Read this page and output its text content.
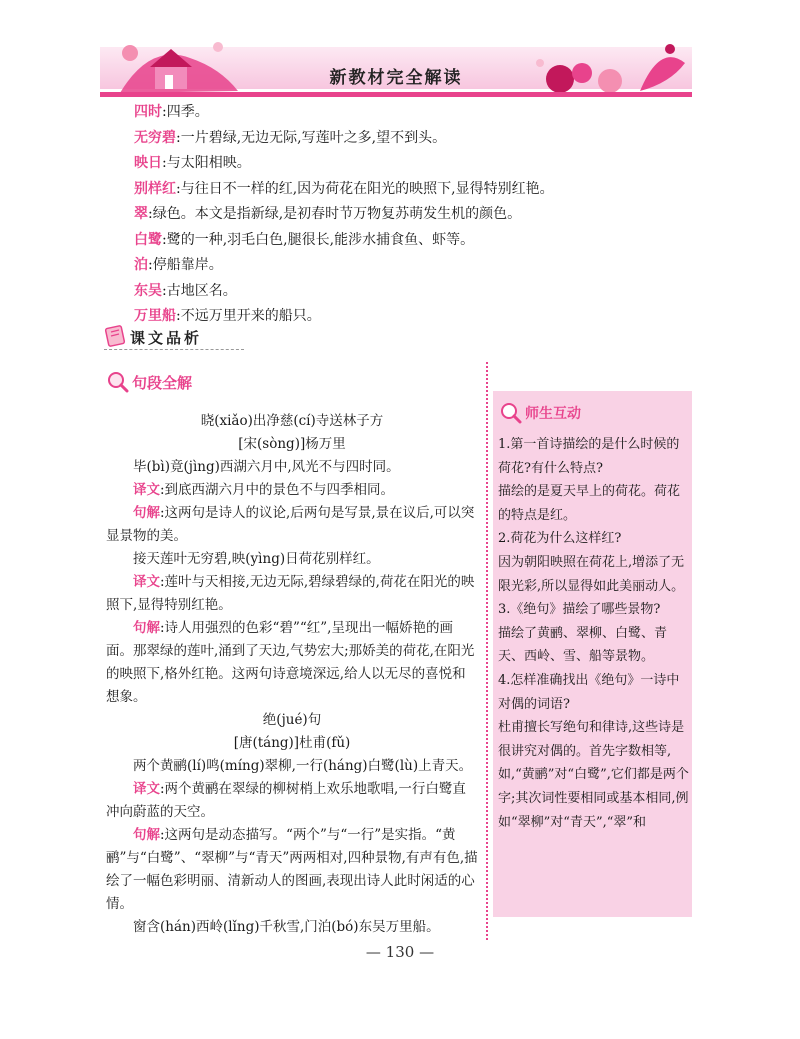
新教材完全解读
四时:四季。
无穷碧:一片碧绿,无边无际,写莲叶之多,望不到头。
映日:与太阳相映。
别样红:与往日不一样的红,因为荷花在阳光的映照下,显得特别红艳。
翠:绿色。本文是指新绿,是初春时节万物复苏萌发生机的颜色。
白鹭:鹭的一种,羽毛白色,腿很长,能涉水捕食鱼、虾等。
泊:停船靠岸。
东吴:古地区名。
万里船:不远万里开来的船只。
课文品析
句段全解

晓(xiǎo)出净慈(cí)寺送林子方

[宋(sòng)]杨万里

毕(bì)竟(jìng)西湖六月中,风光不与四时同。

译文:到底西湖六月中的景色不与四季相同。

句解:这两句是诗人的议论,后两句是写景,景在议后,可以突显景物的美。

接天莲叶无穷碧,映(yìng)日荷花别样红。

译文:莲叶与天相接,无边无际,碧绿碧绿的,荷花在阳光的映照下,显得特别红艳。

句解:诗人用强烈的色彩“碧”“红”,呈现出一幅娇艳的画面。那翠绿的莲叶,涌到了天边,气势宏大;那娇美的荷花,在阳光的映照下,格外红艳。这两句诗意境深远,给人以无尽的喜悦和想象。

绝(jué)句

[唐(táng)]杜甫(fǔ)

两个黄鹂(lí)鸣(míng)翠柳,一行(háng)白鹭(lù)上青天。

译文:两个黄鹂在翠绿的柳树梢上欢乐地歌唱,一行白鹭直冲向蔚蓝的天空。

句解:这两句是动态描写。“两个”与“一行”是实指。“黄鹂”与“白鹭”、“翠柳”与“青天”两两相对,四种景物,有声有色,描绘了一幅色彩明丽、清新动人的图画,表现出诗人此时闲适的心情。

窗含(hán)西岭(lǐng)千秋雪,门泊(bó)东吴万里船。

师生互动

1.第一首诗描绘的是什么时候的荷花?有什么特点?

描绘的是夏天早上的荷花。荷花的特点是红。

2.荷花为什么这样红?

因为朝阳映照在荷花上,增添了无限光彩,所以显得如此美丽动人。

3.《绝句》描绘了哪些景物?

描绘了黄鹂、翠柳、白鹭、青天、西岭、雪、船等景物。

4.怎样准确找出《绝句》一诗中对偶的词语?

杜甫擅长写绝句和律诗,这些诗是很讲究对偶的。首先字数相等,如,“黄鹂”对“白鹭”,它们都是两个字;其次词性要相同或基本相同,例如“翠柳”对“青天”,“翠”和

— 130 —
